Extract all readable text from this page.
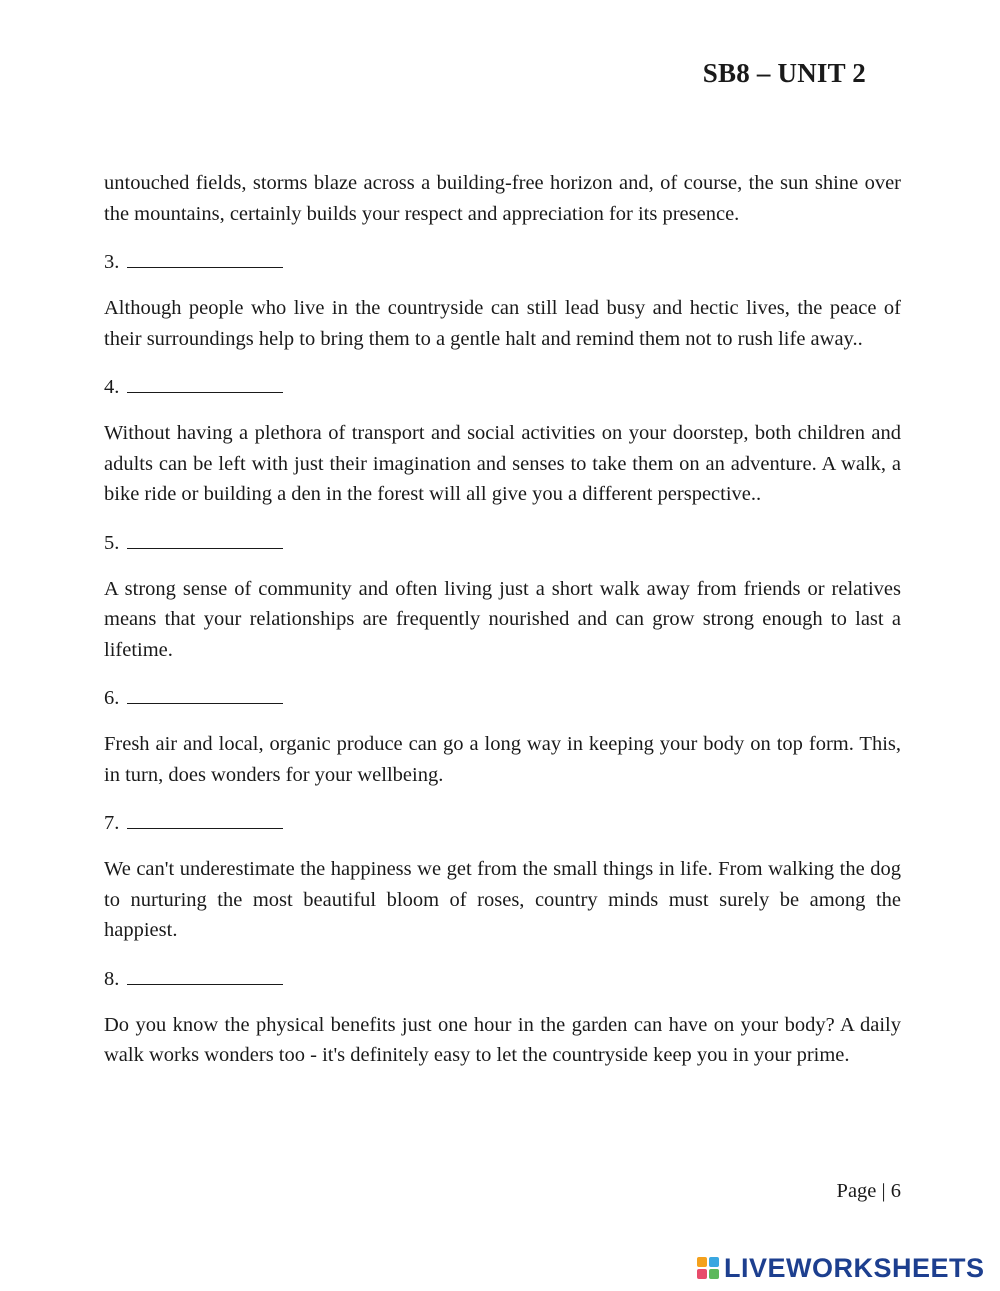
SB8 – UNIT 2

untouched fields, storms blaze across a building-free horizon and, of course, the sun shine over the mountains, certainly builds your respect and appreciation for its presence.

3.

Although people who live in the countryside can still lead busy and hectic lives, the peace of their surroundings help to bring them to a gentle halt and remind them not to rush life away..

4.

Without having a plethora of transport and social activities on your doorstep, both children and adults can be left with just their imagination and senses to take them on an adventure. A walk, a bike ride or building a den in the forest will all give you a different perspective..

5.

A strong sense of community and often living just a short walk away from friends or relatives means that your relationships are frequently nourished and can grow strong enough to last a lifetime.

6.

Fresh air and local, organic produce can go a long way in keeping your body on top form. This, in turn, does wonders for your wellbeing.

7.

We can't underestimate the happiness we get from the small things in life. From walking the dog to nurturing the most beautiful bloom of roses, country minds must surely be among the happiest.

8.

Do you know the physical benefits just one hour in the garden can have on your body? A daily walk works wonders too - it's definitely easy to let the countryside keep you in your prime.

Page | 6
LIVEWORKSHEETS
